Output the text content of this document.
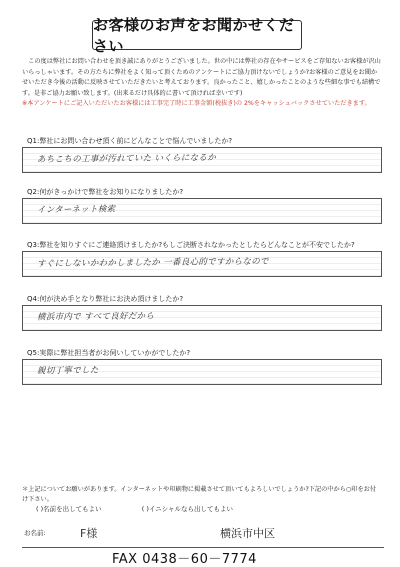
お客様のお声をお聞かせください
この度は弊社にお問い合わせを頂き誠にありがとうございました。世の中には弊社の存在やサービスをご存知ないお客様が沢山いらっしゃいます。その方たちに弊社をよく知って頂くためのアンケートにご協力頂けないでしょうか?お客様のご意見をお聞かせいただき今後の活動に反映させていただきたいと考えております。良かったこと、嬉しかったことのような些細な事でも結構です。是非ご協力お願い致します。(出来るだけ具体的に書いて頂ければ幸いです)
※本アンケートにご記入いただいたお客様には工事完了時に工事金額(税抜き)の 2%をキャッシュバックさせていただきます。
Q1:弊社にお問い合わせ頂く前にどんなことで悩んでいましたか?
あちこちの工事が汚れていた いくらになるか
Q2:何がきっかけで弊社をお知りになりましたか?
インターネット検索
Q3:弊社を知りすぐにご連絡頂けましたか?もしご決断されなかったとしたらどんなことが不安でしたか?
すぐにしないかわかしましたか 一番良心的ですからなので
Q4:何が決め手となり弊社にお決め頂けましたか?
横浜市内で すべて良好だから
Q5:実際に弊社担当者がお伺いしていかがでしたか?
親切丁寧でした
＊上記についてお願いがあります。インターネットや印刷物に掲載させて頂いてもよろしいでしょうか?下記の中から○印をお付け下さい。
( )名前を出してもよい	( )イニシャルなら出してもよい
お名前:	F様	横浜市中区
FAX 0438－60－7774
